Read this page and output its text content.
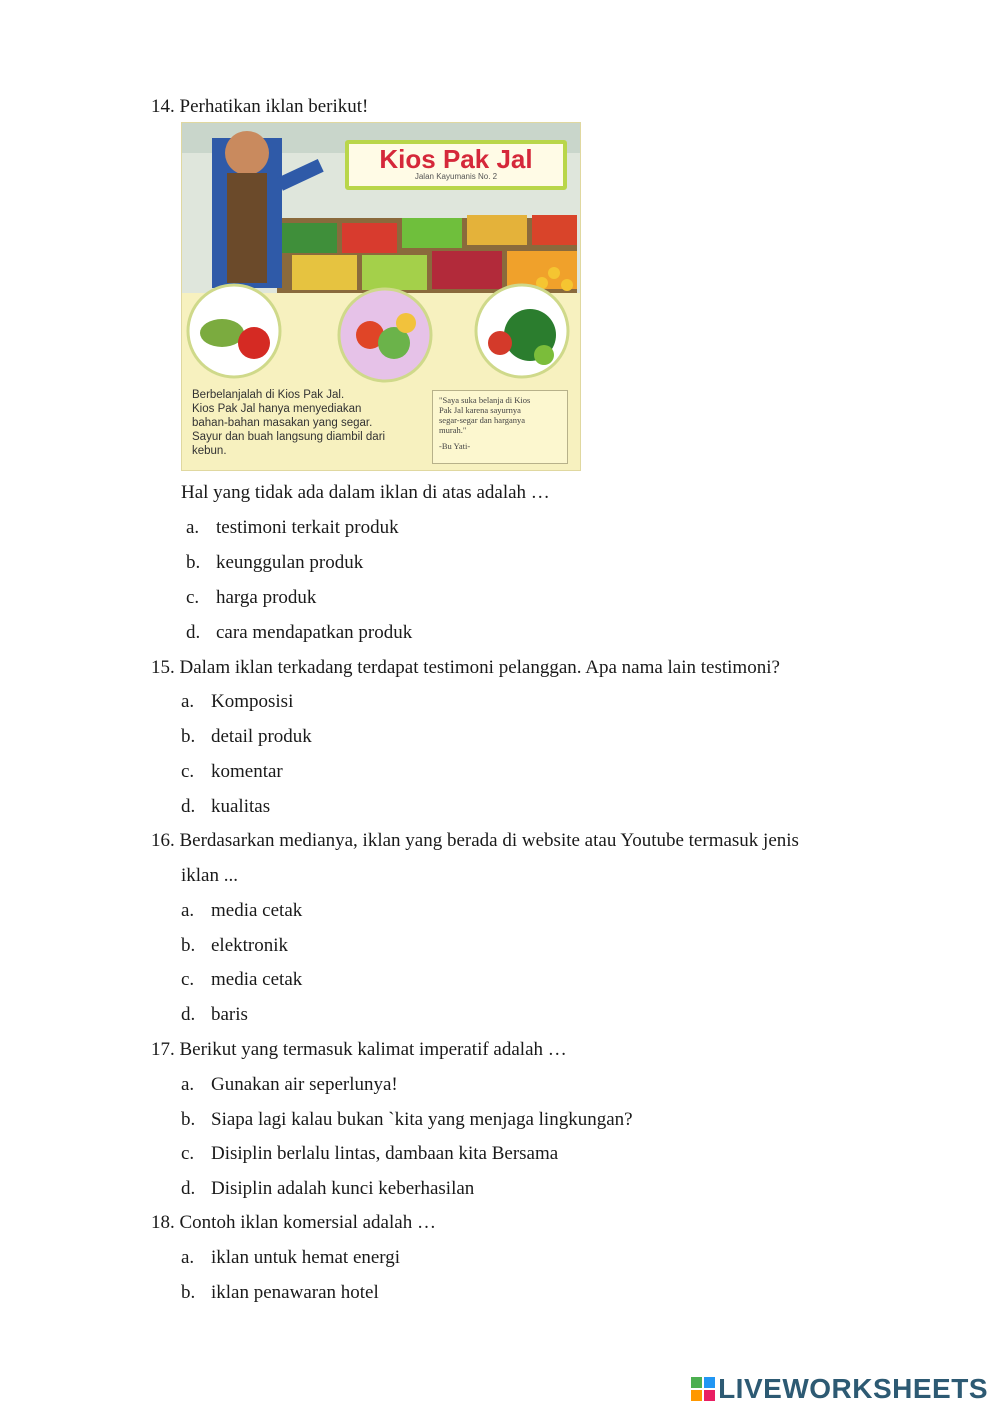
14. Perhatikan iklan berikut!
Kios Pak Jal
Jalan Kayumanis No. 2
Berbelanjalah di Kios Pak Jal.
Kios Pak Jal hanya menyediakan
bahan-bahan masakan yang segar.
Sayur dan buah langsung diambil dari
kebun.
"Saya suka belanja di Kios
Pak Jal karena sayurnya
segar-segar dan harganya
murah."
-Bu Yati-
Hal yang tidak ada dalam iklan di atas adalah …
a. testimoni terkait produk
b. keunggulan produk
c. harga produk
d. cara mendapatkan produk
15. Dalam iklan terkadang terdapat testimoni pelanggan. Apa nama lain testimoni?
a. Komposisi
b. detail produk
c. komentar
d. kualitas
16. Berdasarkan medianya, iklan yang berada di website atau Youtube termasuk jenis
iklan ...
a. media cetak
b. elektronik
c. media cetak
d. baris
17. Berikut yang termasuk kalimat imperatif adalah …
a. Gunakan air seperlunya!
b. Siapa lagi kalau bukan `kita yang menjaga lingkungan?
c. Disiplin berlalu lintas, dambaan kita Bersama
d. Disiplin adalah kunci keberhasilan
18. Contoh iklan komersial adalah …
a. iklan untuk hemat energi
b. iklan penawaran hotel
LIVEWORKSHEETS
